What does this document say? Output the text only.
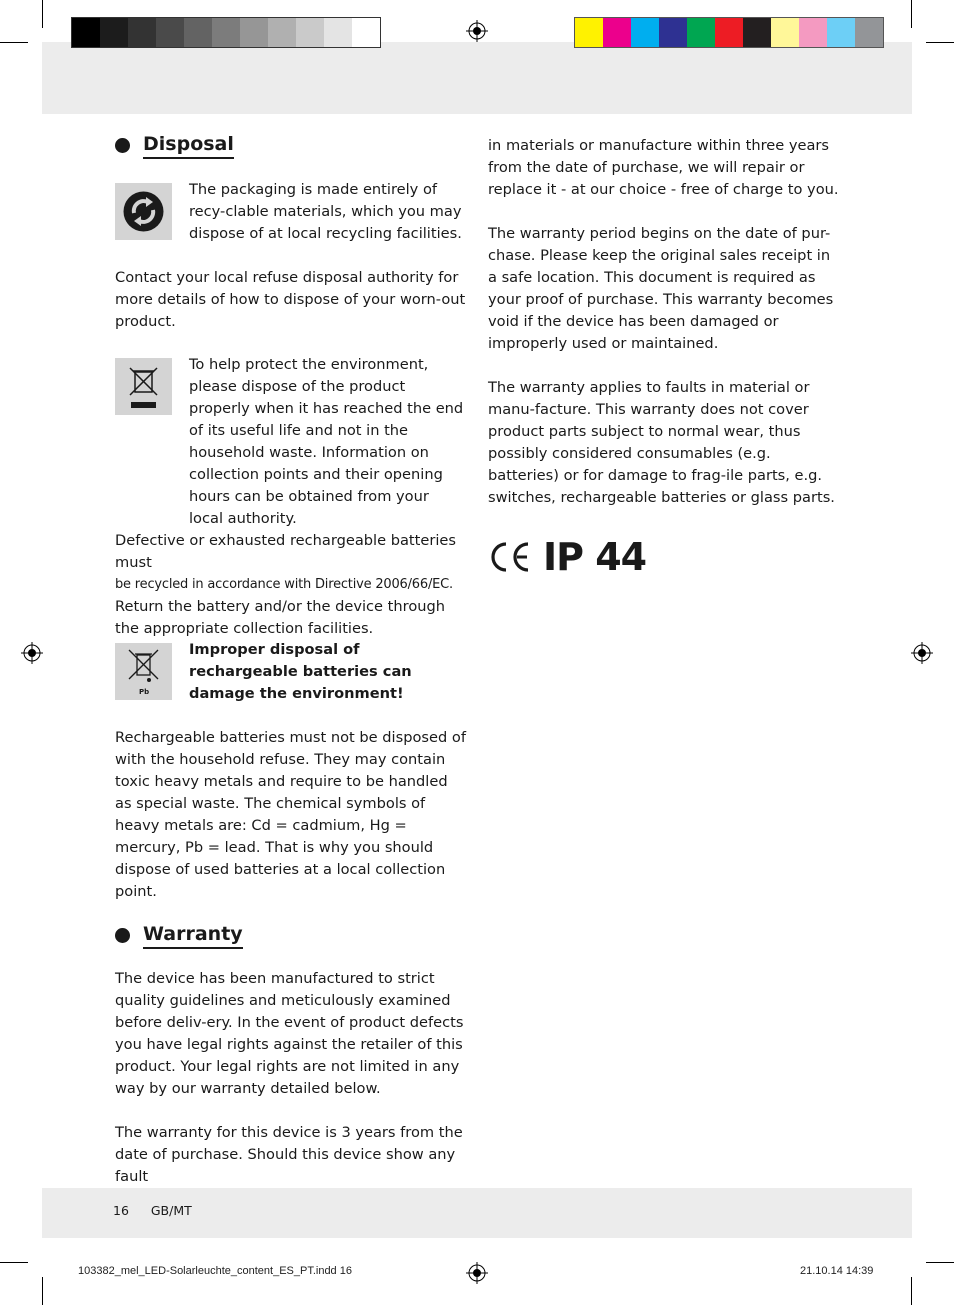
Disposal

The packaging is made entirely of recy-clable materials, which you may dispose of at local recycling facilities.

Contact your local refuse disposal authority for more details of how to dispose of your worn-out product.

To help protect the environment, please dispose of the product properly when it has reached the end of its useful life and not in the household waste. Information on collection points and their opening hours can be obtained from your local authority.

Defective or exhausted rechargeable batteries must

be recycled in accordance with Directive 2006/66/EC.

Return the battery and/or the device through the appropriate collection facilities.

Pb

Improper disposal of rechargeable batteries can damage the environment!

Rechargeable batteries must not be disposed of with the household refuse. They may contain toxic heavy metals and require to be handled as special waste. The chemical symbols of heavy metals are: Cd = cadmium, Hg = mercury, Pb = lead. That is why you should dispose of used batteries at a local collection point.

Warranty

The device has been manufactured to strict quality guidelines and meticulously examined before deliv-ery. In the event of product defects you have legal rights against the retailer of this product. Your legal rights are not limited in any way by our warranty detailed below.

The warranty for this device is 3 years from the date of purchase. Should this device show any fault

in materials or manufacture within three years from the date of purchase, we will repair or replace it - at our choice - free of charge to you.

The warranty period begins on the date of pur-chase. Please keep the original sales receipt in a safe location. This document is required as your proof of purchase. This warranty becomes void if the device has been damaged or improperly used or maintained.

The warranty applies to faults in material or manu-facture. This warranty does not cover product parts subject to normal wear, thus possibly considered consumables (e.g. batteries) or for damage to frag-ile parts, e.g. switches, rechargeable batteries or glass parts.

IP 44
16 GB/MT
103382_mel_LED-Solarleuchte_content_ES_PT.indd 16	21.10.14 14:39
